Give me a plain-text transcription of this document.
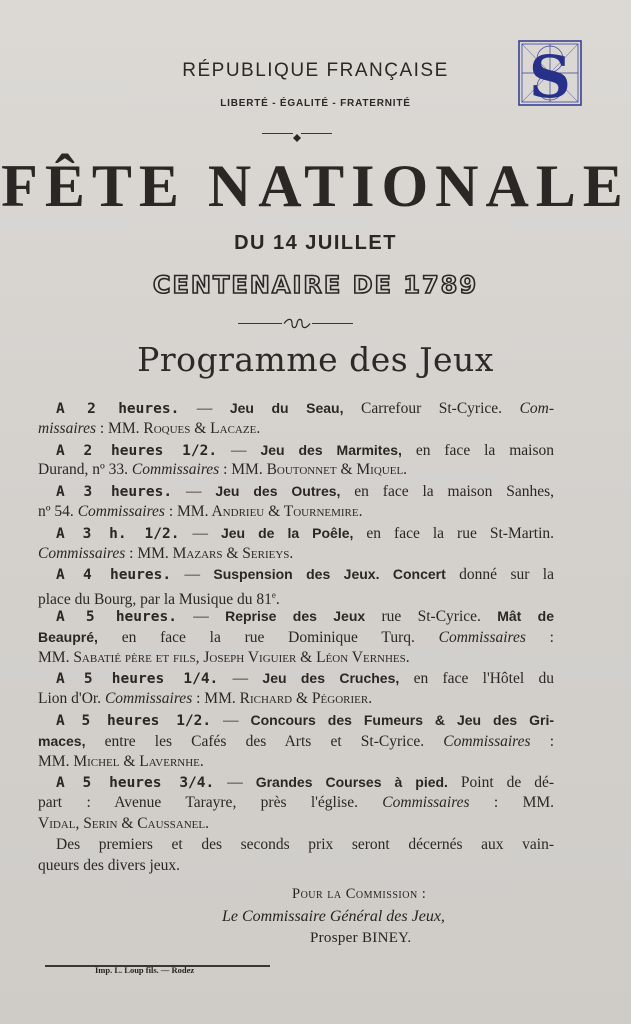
S
RÉPUBLIQUE FRANÇAISE
LIBERTÉ - ÉGALITÉ - FRATERNITÉ
FÊTE NATIONALE
DU 14 JUILLET
CENTENAIRE DE 1789
Programme des Jeux
A 2 heures. — Jeu du Seau, Carrefour St-Cyrice. Com-
missaires : MM. Roques & Lacaze.
A 2 heures 1/2. — Jeu des Marmites, en face la maison
Durand, nº 33. Commissaires : MM. Boutonnet & Miquel.
A 3 heures. — Jeu des Outres, en face la maison Sanhes,
nº 54. Commissaires : MM. Andrieu & Tournemire.
A 3 h. 1/2. — Jeu de la Poêle, en face la rue St-Martin.
Commissaires : MM. Mazars & Serieys.
A 4 heures. — Suspension des Jeux. Concert donné sur la
place du Bourg, par la Musique du 81e.
A 5 heures. — Reprise des Jeux rue St-Cyrice. Mât de
Beaupré, en face la rue Dominique Turq. Commissaires :
MM. Sabatié père et fils, Joseph Viguier & Léon Vernhes.
A 5 heures 1/4. — Jeu des Cruches, en face l'Hôtel du
Lion d'Or. Commissaires : MM. Richard & Pégorier.
A 5 heures 1/2. — Concours des Fumeurs & Jeu des Gri-
maces, entre les Cafés des Arts et St-Cyrice. Commissaires :
MM. Michel & Lavernhe.
A 5 heures 3/4. — Grandes Courses à pied. Point de dé-
part : Avenue Tarayre, près l'église. Commissaires : MM.
Vidal, Serin & Caussanel.
Des premiers et des seconds prix seront décernés aux vain-
queurs des divers jeux.
Pour la Commission :
Le Commissaire Général des Jeux,
Prosper BINEY.
Imp. L. Loup fils. — Rodez
